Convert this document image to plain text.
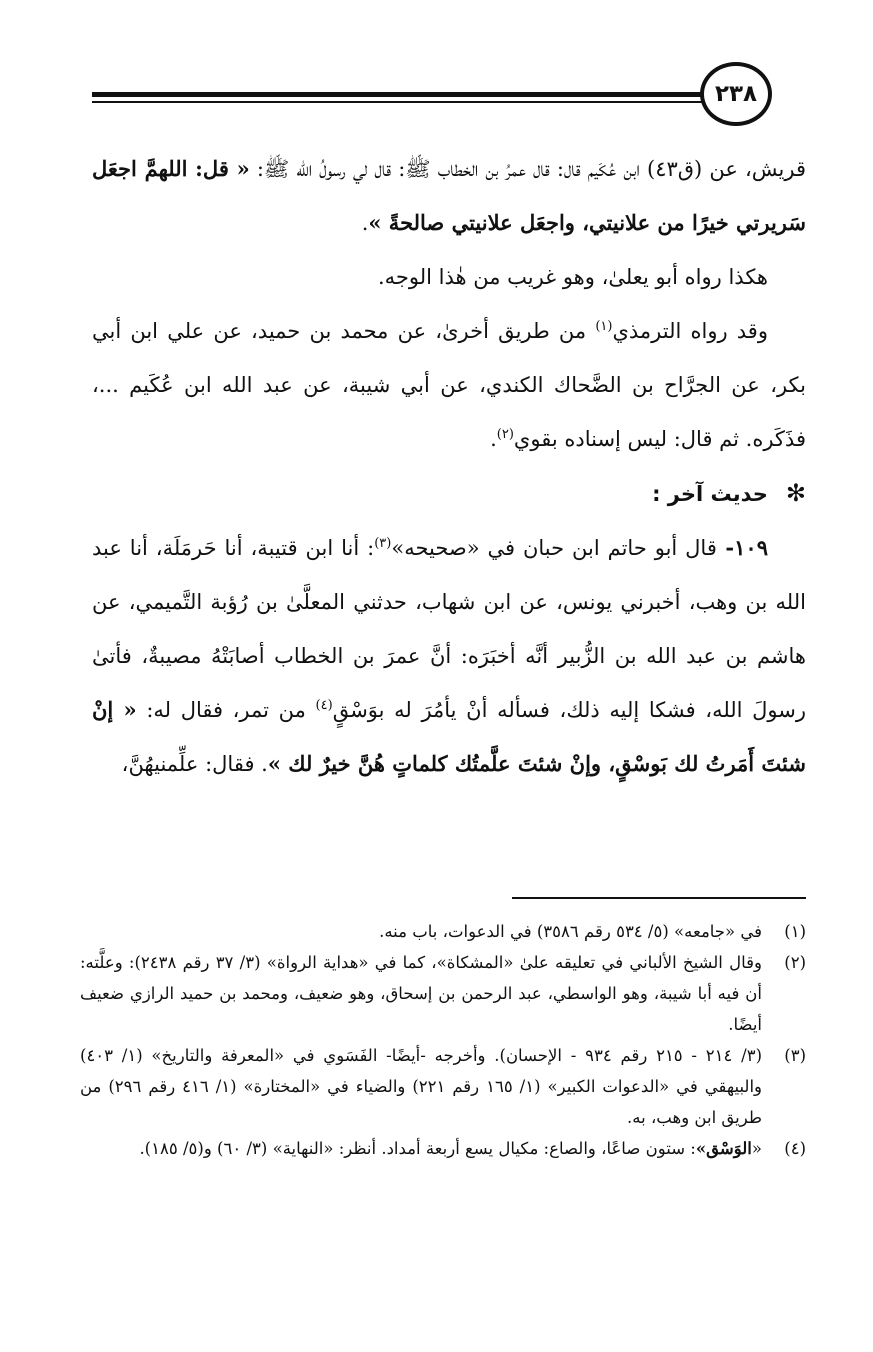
٢٣٨

قريش، عن (ق٤٣) ابن عُكَيم قال: قال عمرُ بن الخطاب ﷺ: قال لي رسولُ الله ﷺ: « قل: اللهمَّ اجعَل سَريرتي خيرًا من علانيتي، واجعَل علانيتي صالحةً ».

هكذا رواه أبو يعلىٰ، وهو غريب من هٰذا الوجه.

وقد رواه الترمذي$^{(١)}$ من طريق أخرىٰ، عن محمد بن حميد، عن علي ابن أبي بكر، عن الجرَّاح بن الضَّحاك الكندي، عن أبي شيبة، عن عبد الله ابن عُكَيم ...، فذَكَره. ثم قال: ليس إسناده بقوي$^{(٢)}$.

✻حديث آخر :

١٠٩- قال أبو حاتم ابن حبان في «صحيحه»$^{(٣)}$: أنا ابن قتيبة، أنا حَرمَلَة، أنا عبد الله بن وهب، أخبرني يونس، عن ابن شهاب، حدثني المعلَّىٰ بن رُؤبة التَّميمي، عن هاشم بن عبد الله بن الزُّبير أنَّه أخبَرَه: أنَّ عمرَ بن الخطاب أصابَتْهُ مصيبةٌ، فأتىٰ رسولَ الله، فشكا إليه ذلك، فسأله أنْ يأمُرَ له بوَسْقٍ$^{(٤)}$ من تمر، فقال له: « إنْ شئتَ أَمَرتُ لك بَوسْقٍ، وإنْ شئتَ علَّمتُك كلماتٍ هُنَّ خيرٌ لك ». فقال: علِّمنيهُنَّ،

(١)
في «جامعه» (٥/ ٥٣٤ رقم ٣٥٨٦) في الدعوات، باب منه.
(٢)
وقال الشيخ الألباني في تعليقه علىٰ «المشكاة»، كما في «هداية الرواة» (٣/ ٣٧ رقم ٢٤٣٨): وعلَّته: أن فيه أبا شيبة، وهو الواسطي، عبد الرحمن بن إسحاق، وهو ضعيف، ومحمد بن حميد الرازي ضعيف أيضًا.
(٣)
(٣/ ٢١٤ - ٢١٥ رقم ٩٣٤ - الإحسان). وأخرجه -أيضًا- الفَسَوي في «المعرفة والتاريخ» (١/ ٤٠٣) والبيهقي في «الدعوات الكبير» (١/ ١٦٥ رقم ٢٢١) والضياء في «المختارة» (١/ ٤١٦ رقم ٢٩٦) من طريق ابن وهب، به.
(٤)
«الوَسْق»: ستون صاعًا، والصاع: مكيال يسع أربعة أمداد. أنظر: «النهاية» (٣/ ٦٠) و(٥/ ١٨٥).
